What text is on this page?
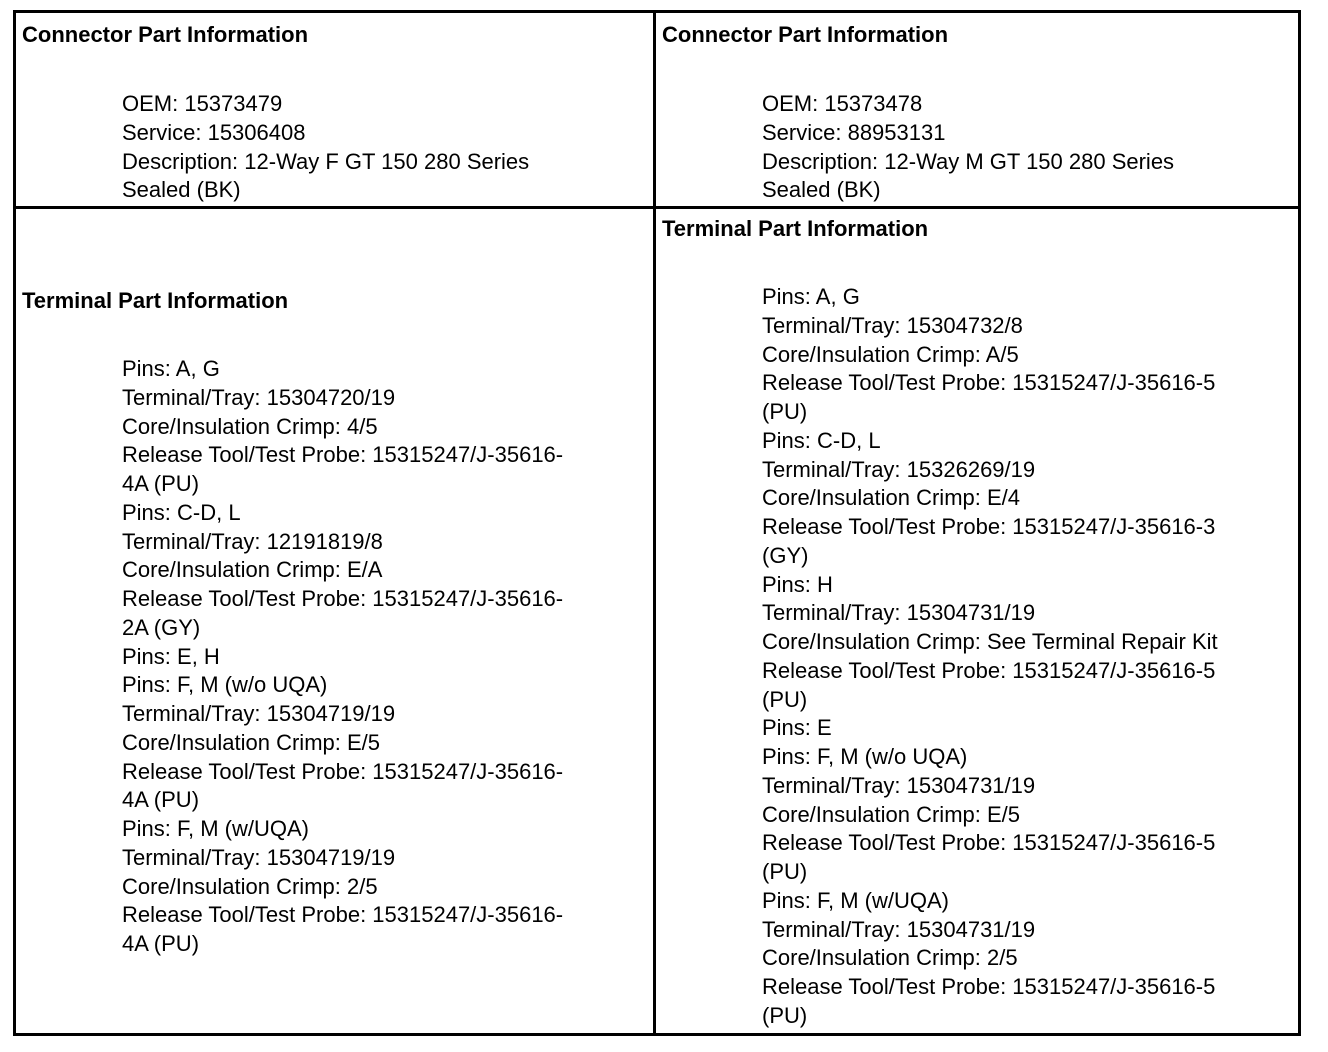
Connector Part Information
OEM: 15373479
Service: 15306408
Description: 12-Way F GT 150 280 Series
Sealed (BK)
Connector Part Information
OEM: 15373478
Service: 88953131
Description: 12-Way M GT 150 280 Series
Sealed (BK)
Terminal Part Information
Pins: A, G
Terminal/Tray: 15304720/19
Core/Insulation Crimp: 4/5
Release Tool/Test Probe: 15315247/J-35616-
4A (PU)
Pins: C-D, L
Terminal/Tray: 12191819/8
Core/Insulation Crimp: E/A
Release Tool/Test Probe: 15315247/J-35616-
2A (GY)
Pins: E, H
Pins: F, M (w/o UQA)
Terminal/Tray: 15304719/19
Core/Insulation Crimp: E/5
Release Tool/Test Probe: 15315247/J-35616-
4A (PU)
Pins: F, M (w/UQA)
Terminal/Tray: 15304719/19
Core/Insulation Crimp: 2/5
Release Tool/Test Probe: 15315247/J-35616-
4A (PU)
Terminal Part Information
Pins: A, G
Terminal/Tray: 15304732/8
Core/Insulation Crimp: A/5
Release Tool/Test Probe: 15315247/J-35616-5
(PU)
Pins: C-D, L
Terminal/Tray: 15326269/19
Core/Insulation Crimp: E/4
Release Tool/Test Probe: 15315247/J-35616-3
(GY)
Pins: H
Terminal/Tray: 15304731/19
Core/Insulation Crimp: See Terminal Repair Kit
Release Tool/Test Probe: 15315247/J-35616-5
(PU)
Pins: E
Pins: F, M (w/o UQA)
Terminal/Tray: 15304731/19
Core/Insulation Crimp: E/5
Release Tool/Test Probe: 15315247/J-35616-5
(PU)
Pins: F, M (w/UQA)
Terminal/Tray: 15304731/19
Core/Insulation Crimp: 2/5
Release Tool/Test Probe: 15315247/J-35616-5
(PU)
